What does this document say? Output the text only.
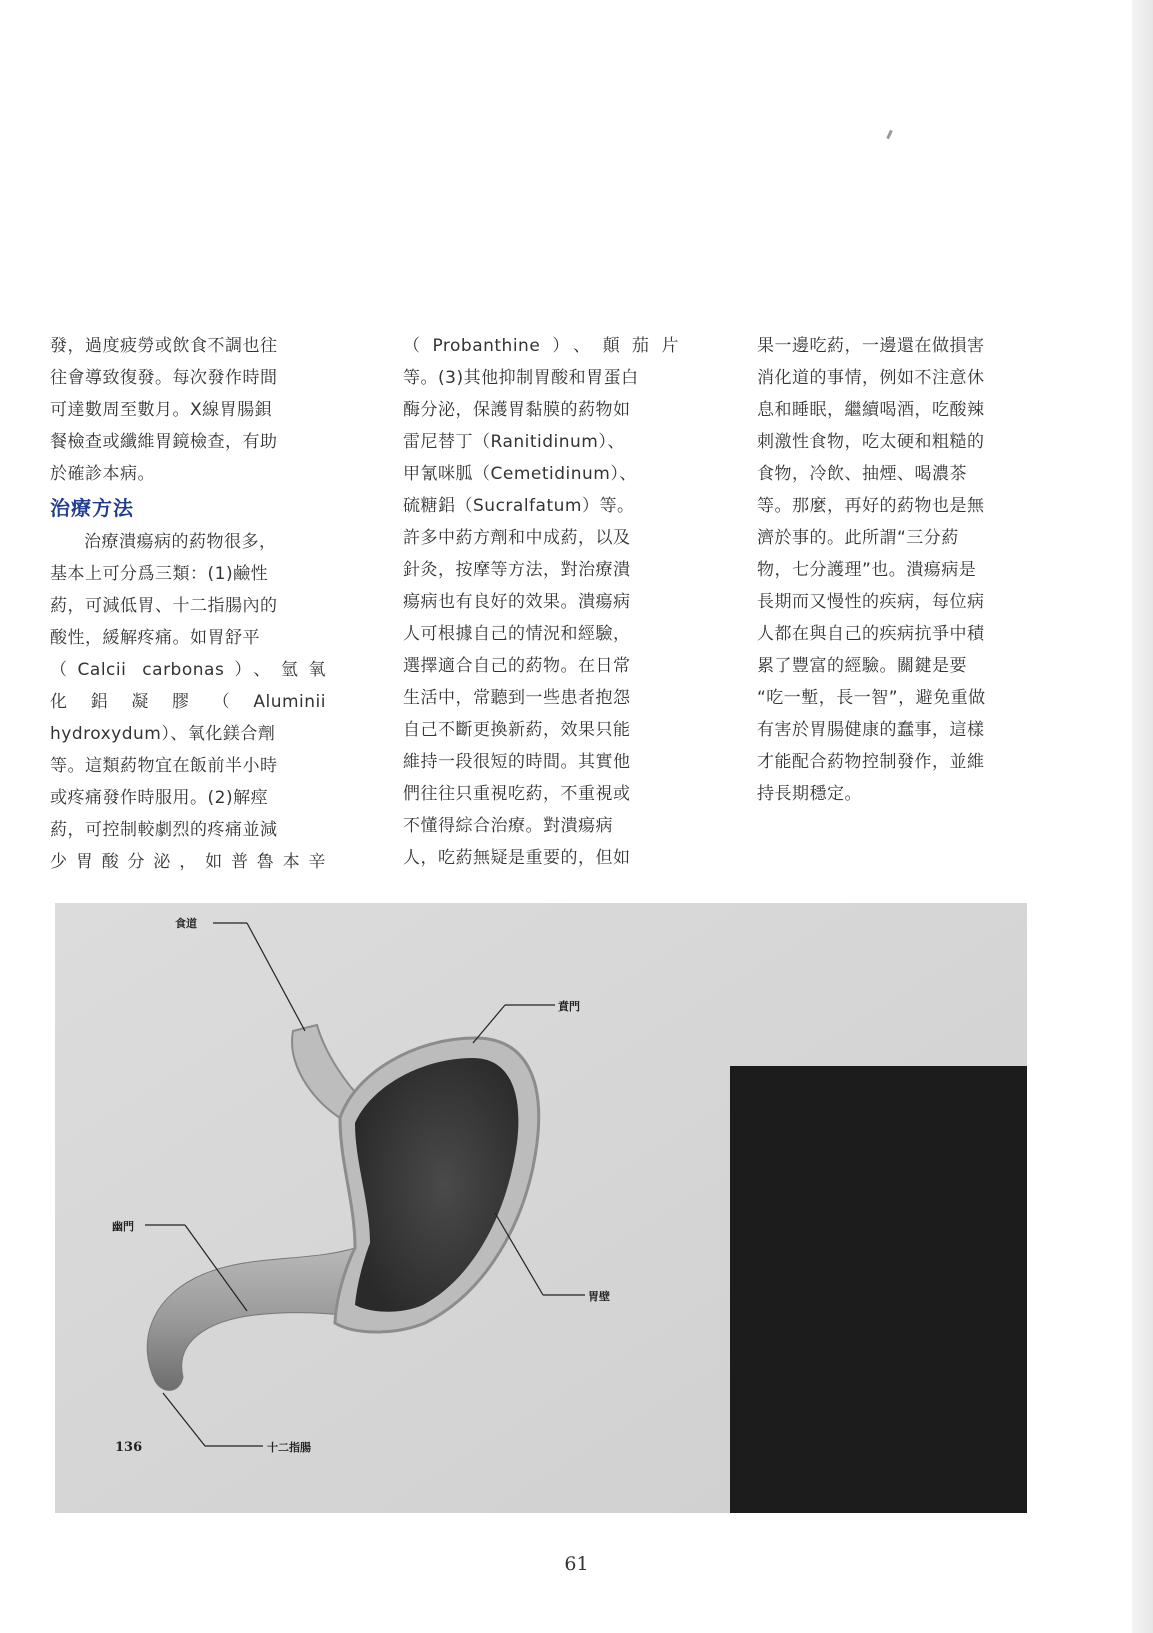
發，過度疲勞或飲食不調也往
往會導致復發。每次發作時間
可達數周至數月。X線胃腸鋇
餐檢查或纖維胃鏡檢查，有助
於確診本病。
治療方法
治療潰瘍病的葯物很多，
基本上可分爲三類：(1)鹼性
葯，可減低胃、十二指腸內的
酸性，緩解疼痛。如胃舒平
（Calcii carbonas）、氫氧
化鋁凝膠（Aluminii
hydroxydum）、氧化鎂合劑
等。這類葯物宜在飯前半小時
或疼痛發作時服用。(2)解痙
葯，可控制較劇烈的疼痛並減
少胃酸分泌，如普魯本辛
（Probanthine）、顛茄片
等。(3)其他抑制胃酸和胃蛋白
酶分泌，保護胃黏膜的葯物如
雷尼替丁（Ranitidinum）、
甲氰咪胍（Cemetidinum）、
硫糖鋁（Sucralfatum）等。
許多中葯方劑和中成葯，以及
針灸，按摩等方法，對治療潰
瘍病也有良好的效果。潰瘍病
人可根據自己的情況和經驗，
選擇適合自己的葯物。在日常
生活中，常聽到一些患者抱怨
自己不斷更換新葯，效果只能
維持一段很短的時間。其實他
們往往只重視吃葯，不重視或
不懂得綜合治療。對潰瘍病
人，吃葯無疑是重要的，但如
果一邊吃葯，一邊還在做損害
消化道的事情，例如不注意休
息和睡眠，繼續喝酒，吃酸辣
刺激性食物，吃太硬和粗糙的
食物，冷飲、抽煙、喝濃茶
等。那麼，再好的葯物也是無
濟於事的。此所謂“三分葯
物，七分護理”也。潰瘍病是
長期而又慢性的疾病，每位病
人都在與自己的疾病抗爭中積
累了豐富的經驗。關鍵是要
“吃一塹，長一智”，避免重做
有害於胃腸健康的蠢事，這樣
才能配合葯物控制發作，並維
持長期穩定。
食道
賁門
幽門
胃壁
十二指腸
136
61
